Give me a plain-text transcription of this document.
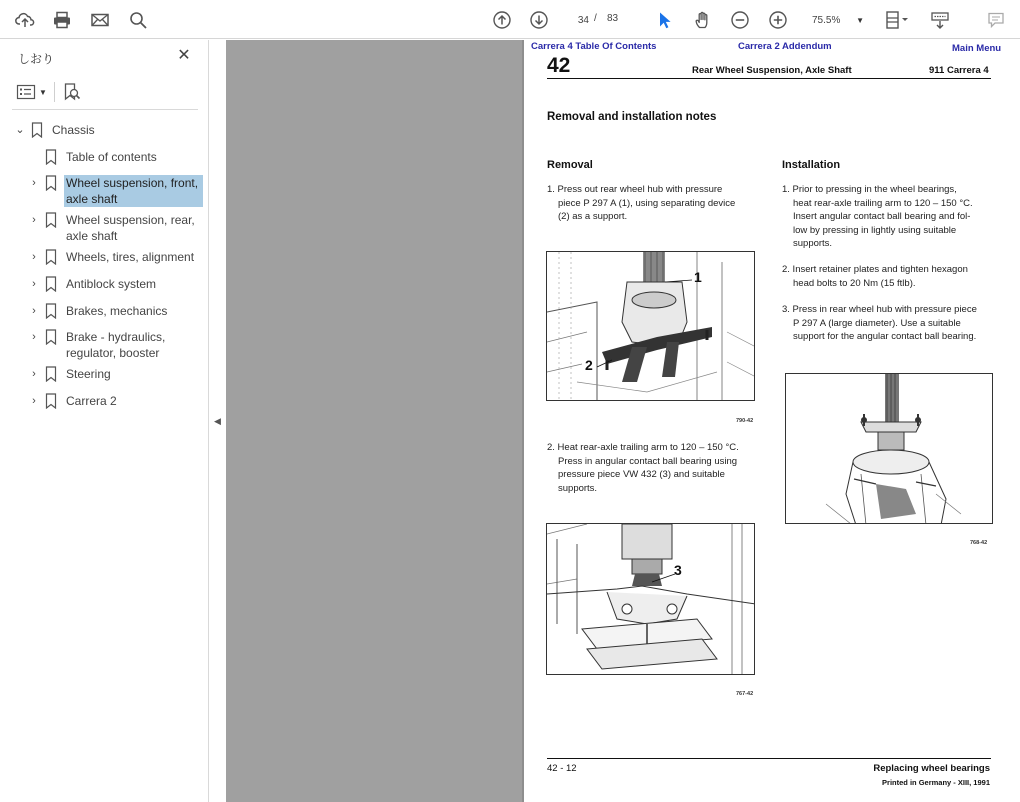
34
/ 83	75.5%	▼
しおり	✕
▼
⌄ Chassis
Table of contents
›	Wheel suspension, front,
axle shaft
›	Wheel suspension, rear,
axle shaft
›	Wheels, tires, alignment
›	Antiblock system
›	Brakes, mechanics
›	Brake - hydraulics,
regulator, booster
›	Steering
›	Carrera 2
◀
Carrera 4 Table Of Contents	Carrera 2 Addendum	Main Menu
42	Rear Wheel Suspension, Axle Shaft	911 Carrera 4
Removal and installation notes
Removal
1. Press out rear wheel hub with pressure
piece P 297 A (1), using separating device
(2) as a support.
1
2
790-42
2. Heat rear-axle trailing arm to 120 – 150 °C.
Press in angular contact ball bearing using
pressure piece VW 432 (3) and suitable
supports.
3
767-42
Installation
1. Prior to pressing in the wheel bearings,
heat rear-axle trailing arm to 120 – 150 °C.
Insert angular contact ball bearing and fol-
low by pressing in lightly using suitable
supports.
2. Insert retainer plates and tighten hexagon
head bolts to 20 Nm (15 ftlb).
3. Press in rear wheel hub with pressure piece
P 297 A (large diameter). Use a suitable
support for the angular contact ball bearing.
768-42
42 - 12	Replacing wheel bearings
Printed in Germany - XIII, 1991
